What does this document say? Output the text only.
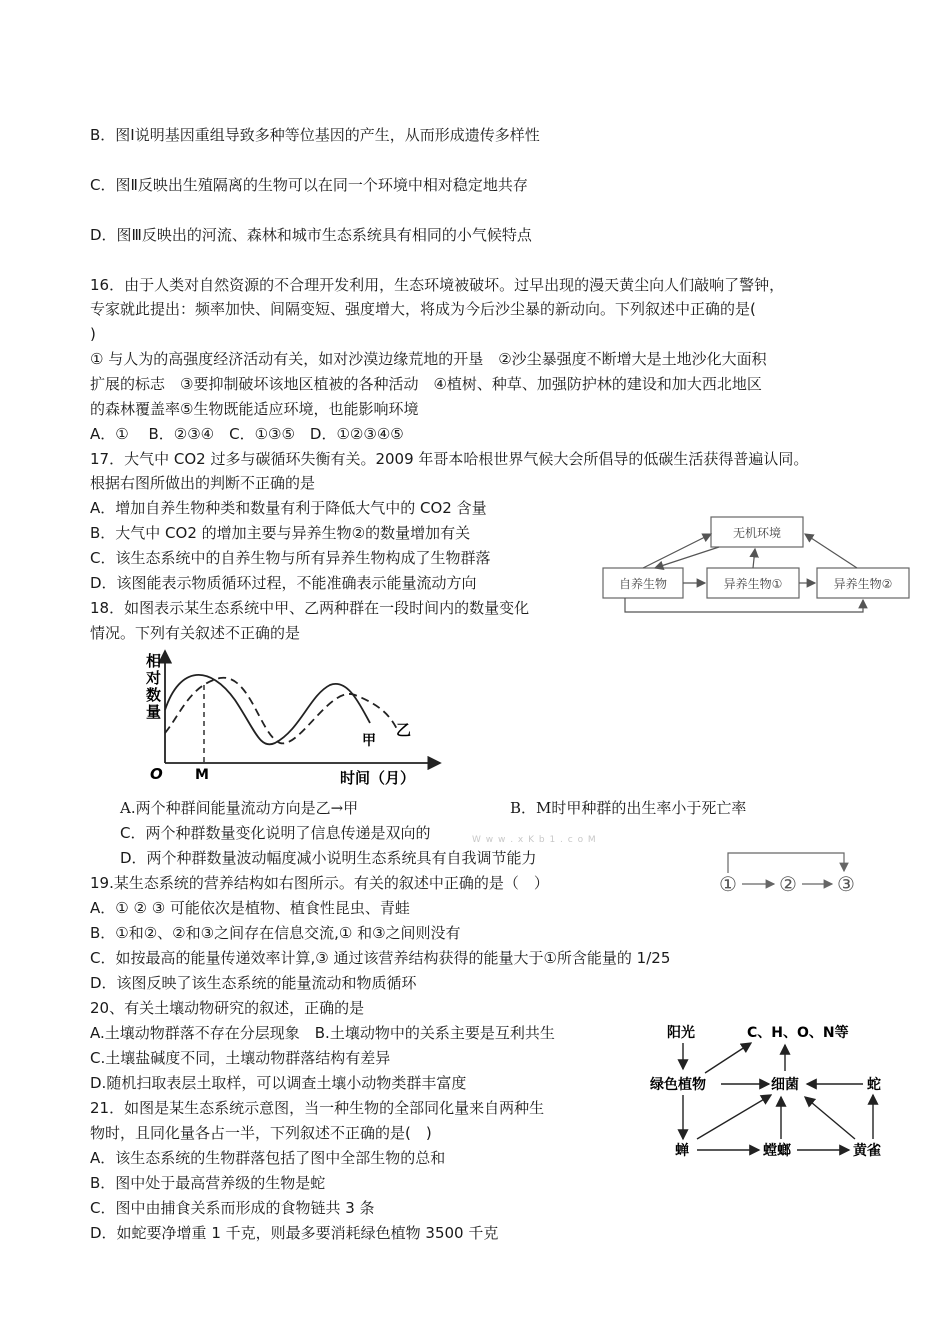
B．图Ⅰ说明基因重组导致多种等位基因的产生，从而形成遗传多样性
C．图Ⅱ反映出生殖隔离的生物可以在同一个环境中相对稳定地共存
D．图Ⅲ反映出的河流、森林和城市生态系统具有相同的小气候特点
16．由于人类对自然资源的不合理开发利用，生态环境被破坏。过早出现的漫天黄尘向人们敲响了警钟，
专家就此提出：频率加快、间隔变短、强度增大，将成为今后沙尘暴的新动向。下列叙述中正确的是(
)
① 与人为的高强度经济活动有关，如对沙漠边缘荒地的开垦　②沙尘暴强度不断增大是土地沙化大面积
扩展的标志　③要抑制破坏该地区植被的各种活动　④植树、种草、加强防护林的建设和加大西北地区
的森林覆盖率⑤生物既能适应环境，也能影响环境
A．①　 B．②③④　C．①③⑤　D．①②③④⑤
17．大气中 CO2 过多与碳循环失衡有关。2009 年哥本哈根世界气候大会所倡导的低碳生活获得普遍认同。
根据右图所做出的判断不正确的是
A．增加自养生物种类和数量有利于降低大气中的 CO2 含量
B．大气中 CO2 的增加主要与异养生物②的数量增加有关
C．该生态系统中的自养生物与所有异养生物构成了生物群落
D．该图能表示物质循环过程，不能准确表示能量流动方向
无机环境
自养生物	异养生物①	异养生物②
18．如图表示某生态系统中甲、乙两种群在一段时间内的数量变化
情况。下列有关叙述不正确的是
相
对
数
量
O M	时间（月）
甲
乙
A.两个种群间能量流动方向是乙→甲	B．M时甲种群的出生率小于死亡率
C．两个种群数量变化说明了信息传递是双向的	W w w . x K b 1 . c o M
D．两个种群数量波动幅度减小说明生态系统具有自我调节能力
19.某生态系统的营养结构如右图所示。有关的叙述中正确的是（　）
A．① ② ③ 可能依次是植物、植食性昆虫、青蛙
B．①和②、②和③之间存在信息交流,① 和③之间则没有
C．如按最高的能量传递效率计算,③ 通过该营养结构获得的能量大于①所含能量的 1/25
D．该图反映了该生态系统的能量流动和物质循环
① ② ③
20、有关土壤动物研究的叙述，正确的是
A.土壤动物群落不存在分层现象　B.土壤动物中的关系主要是互利共生
C.土壤盐碱度不同，土壤动物群落结构有差异
D.随机扫取表层土取样，可以调查土壤小动物类群丰富度
21．如图是某生态系统示意图，当一种生物的全部同化量来自两种生
物时，且同化量各占一半，下列叙述不正确的是(　)
A．该生态系统的生物群落包括了图中全部生物的总和
B．图中处于最高营养级的生物是蛇
C．图中由捕食关系而形成的食物链共 3 条
D．如蛇要净增重 1 千克，则最多要消耗绿色植物 3500 千克
阳光	C、H、O、N等
绿色植物	细菌	蛇
蝉	螳螂	黄雀
